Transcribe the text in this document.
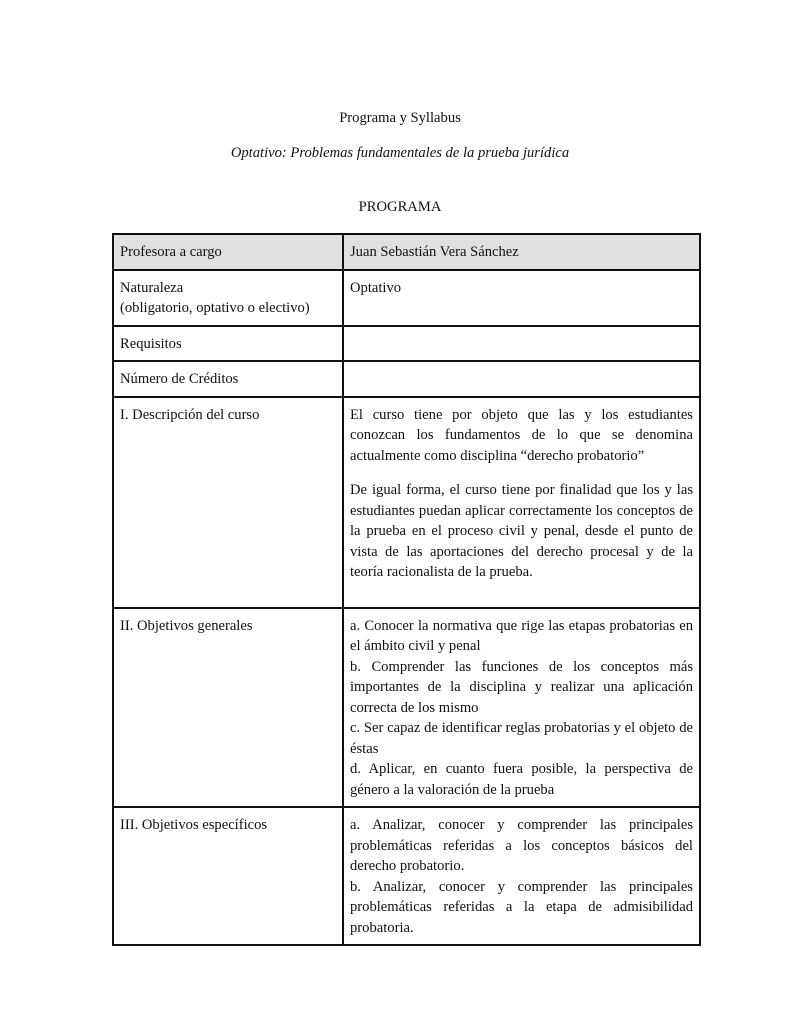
Programa y Syllabus
Optativo: Problemas fundamentales de la prueba jurídica
PROGRAMA
Profesora a cargo	Juan Sebastián Vera Sánchez

Naturaleza

(obligatorio, optativo o electivo)	Optativo
Requisitos	
Número de Créditos	
I. Descripción del curso	El curso tiene por objeto que las y los estudiantes conozcan los fundamentos de lo que se denomina actualmente como disciplina “derecho probatorio”

De igual forma, el curso tiene por finalidad que los y las estudiantes puedan aplicar correctamente los conceptos de la prueba en el proceso civil y penal, desde el punto de vista de las aportaciones del derecho procesal y de la teoría racionalista de la prueba.

II. Objetivos generales	a. Conocer la normativa que rige las etapas probatorias en el ámbito civil y penal

b. Comprender las funciones de los conceptos más importantes de la disciplina y realizar una aplicación correcta de los mismo

c. Ser capaz de identificar reglas probatorias y el objeto de éstas

d. Aplicar, en cuanto fuera posible, la perspectiva de género a la valoración de la prueba

III. Objetivos específicos	a. Analizar, conocer y comprender las principales problemáticas referidas a los conceptos básicos del derecho probatorio.

b. Analizar, conocer y comprender las principales problemáticas referidas a la etapa de admisibilidad probatoria.
